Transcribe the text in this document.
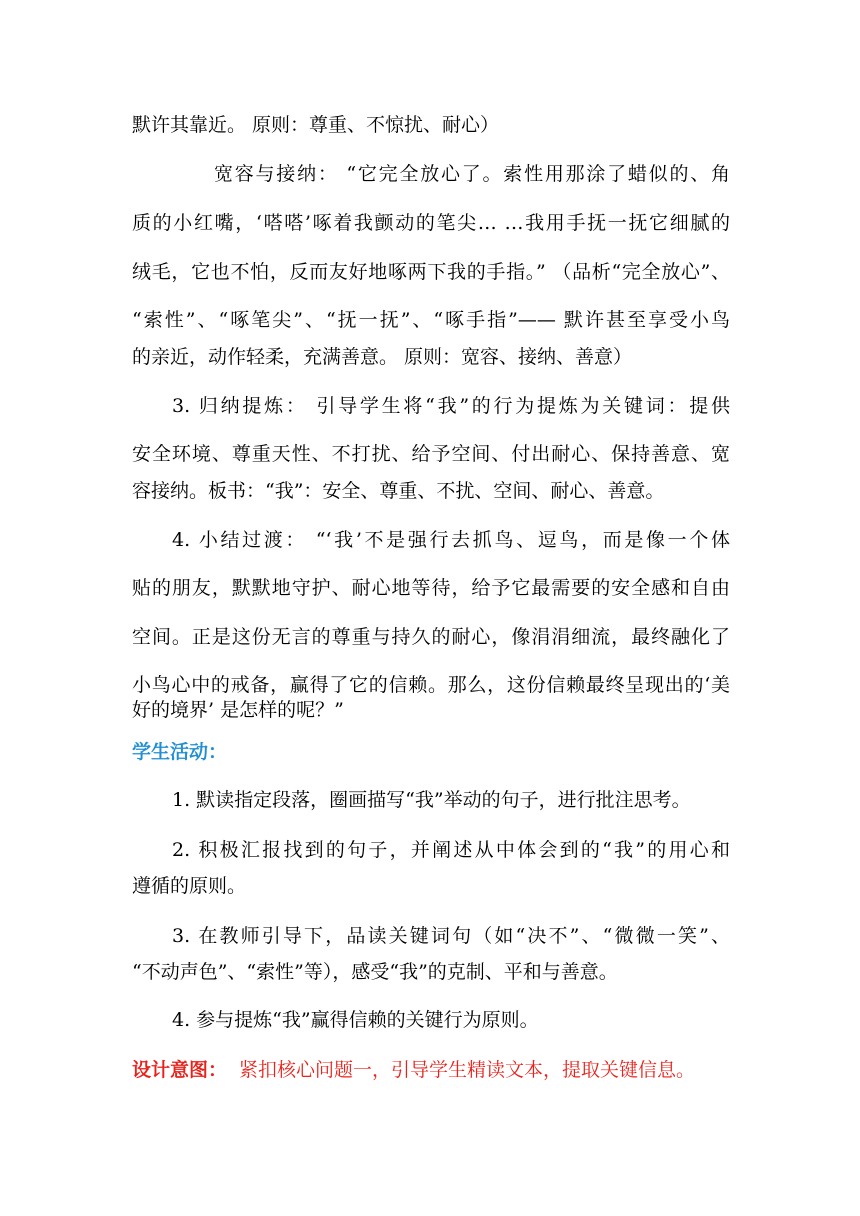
默许其靠近。 原则：尊重、不惊扰、耐心）
宽容与接纳： “它完全放心了。索性用那涂了蜡似的、角
质的小红嘴，‘嗒嗒’啄着我颤动的笔尖… …我用手抚一抚它细腻的
绒毛，它也不怕，反而友好地啄两下我的手指。” （品析“完全放心”、
“索性”、“啄笔尖”、“抚一抚”、“啄手指”—— 默许甚至享受小鸟
的亲近，动作轻柔，充满善意。 原则：宽容、接纳、善意）
3. 归纳提炼： 引导学生将“我”的行为提炼为关键词：提供
安全环境、尊重天性、不打扰、给予空间、付出耐心、保持善意、宽
容接纳。板书：“我”：安全、尊重、不扰、空间、耐心、善意。
4. 小结过渡： “‘我’不是强行去抓鸟、逗鸟，而是像一个体
贴的朋友，默默地守护、耐心地等待，给予它最需要的安全感和自由
空间。正是这份无言的尊重与持久的耐心，像涓涓细流，最终融化了
小鸟心中的戒备，赢得了它的信赖。那么，这份信赖最终呈现出的‘美
好的境界’ 是怎样的呢？”
学生活动：
1. 默读指定段落，圈画描写“我”举动的句子，进行批注思考。
2. 积极汇报找到的句子，并阐述从中体会到的“我”的用心和
遵循的原则。
3. 在教师引导下，品读关键词句（如“决不”、“微微一笑”、
“不动声色”、“索性”等），感受“我”的克制、平和与善意。
4. 参与提炼“我”赢得信赖的关键行为原则。
设计意图： 紧扣核心问题一，引导学生精读文本，提取关键信息。
